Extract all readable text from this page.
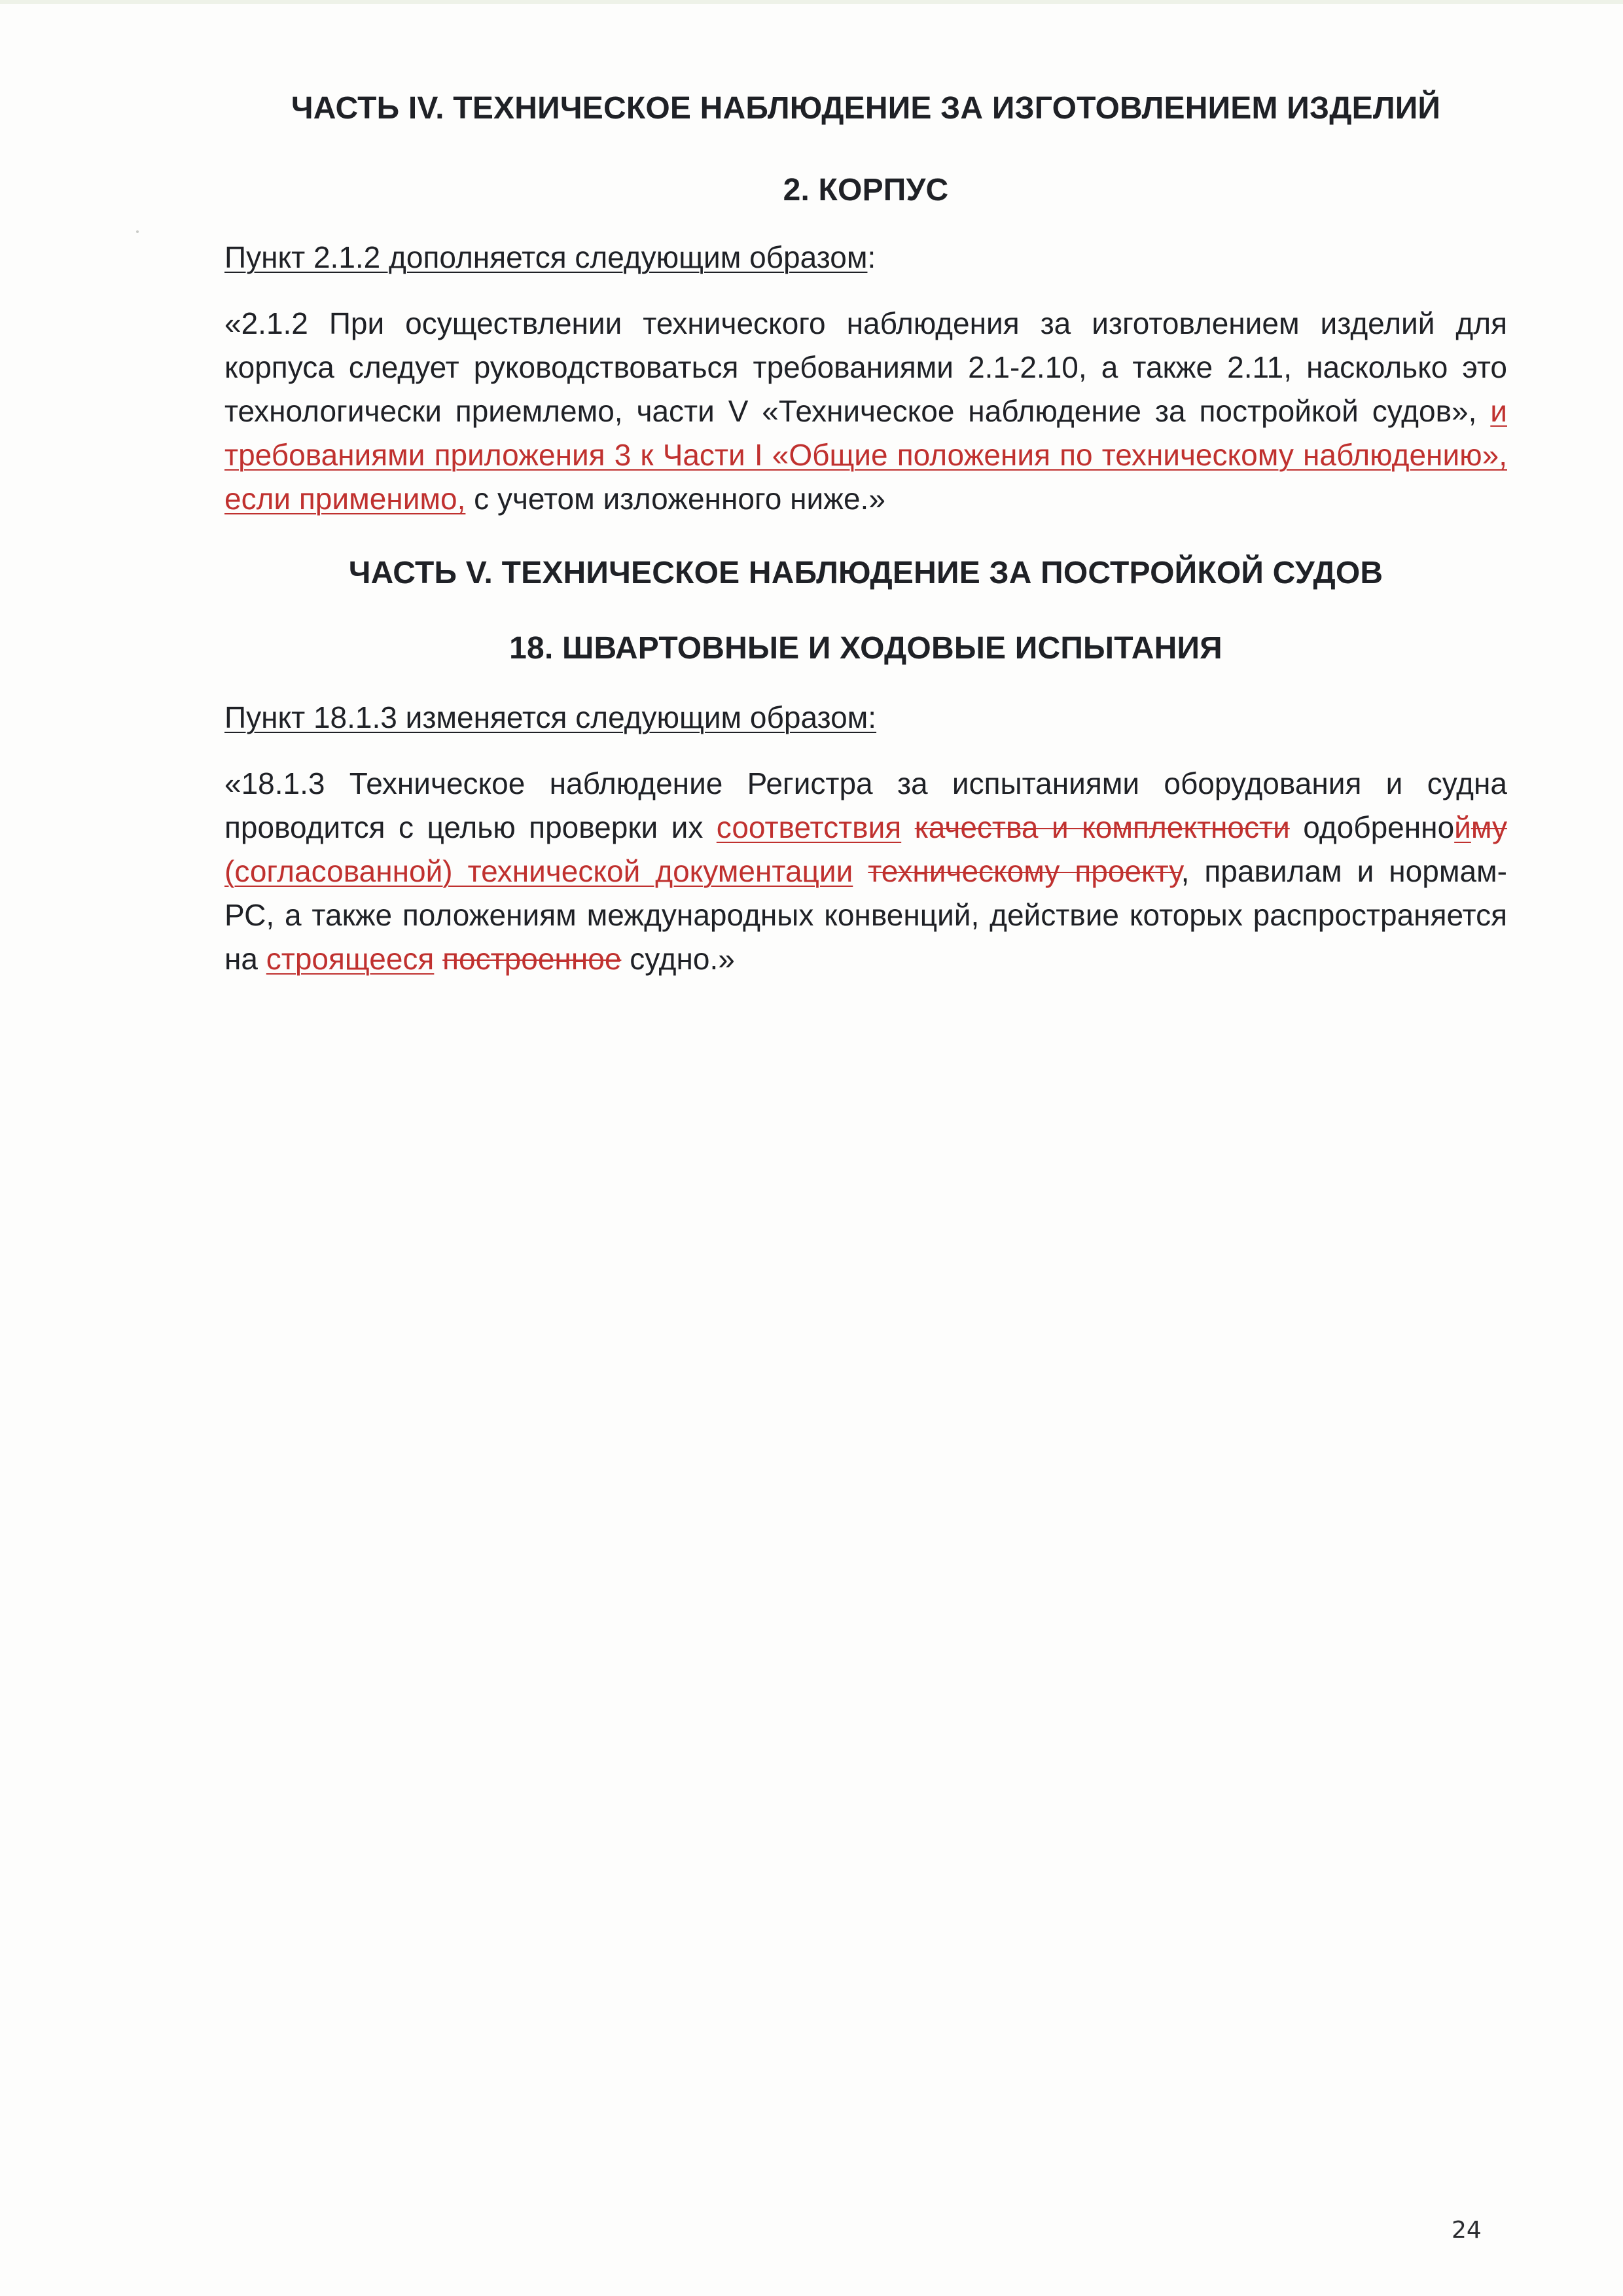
ЧАСТЬ IV. ТЕХНИЧЕСКОЕ НАБЛЮДЕНИЕ ЗА ИЗГОТОВЛЕНИЕМ ИЗДЕЛИЙ
2. КОРПУС

Пункт 2.1.2 дополняется следующим образом:

«2.1.2 При осуществлении технического наблюдения за изготовлением изделий для корпуса следует руководствоваться требованиями 2.1-2.10, а также 2.11, насколько это технологически приемлемо, части V «Техническое наблюдение за постройкой судов», и требованиями приложения 3 к Части I «Общие положения по техническому наблюдению», если применимо, с учетом изложенного ниже.»

ЧАСТЬ V. ТЕХНИЧЕСКОЕ НАБЛЮДЕНИЕ ЗА ПОСТРОЙКОЙ СУДОВ
18. ШВАРТОВНЫЕ И ХОДОВЫЕ ИСПЫТАНИЯ

Пункт 18.1.3 изменяется следующим образом:

«18.1.3 Техническое наблюдение Регистра за испытаниями оборудования и судна проводится с целью проверки их соответствия качества и комплектности одобреннойму (согласованной) технической документации техническому проекту, правилам и нормам-РС, а также положениям международных конвенций, действие которых распространяется на строящееся построенное судно.»

24
